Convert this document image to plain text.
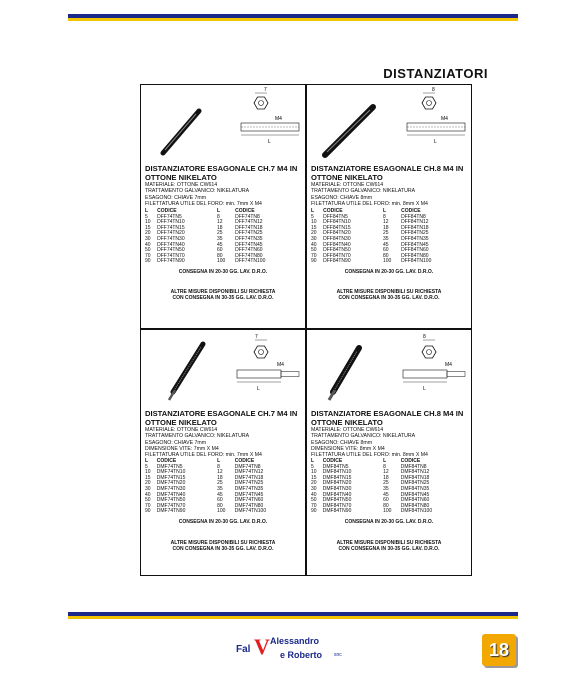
DISTANZIATORI
7
M4
L
DISTANZIATORE ESAGONALE CH.7 M4 IN OTTONE NIKELATO
MATERIALE: OTTONE CW614
TRATTAMENTO GALVANICO: NIKELATURA
ESAGONO: CHIAVE 7mm
FILETTATURA UTILE DEL FORO: min. 7mm X M4
L	CODICE	L	CODICE
5	DFF74TN5	8	DFF74TN8
10	DFF74TN10	12	DFF74TN12
15	DFF74TN15	18	DFF74TN18
20	DFF74TN20	25	DFF74TN25
30	DFF74TN30	35	DFF74TN35
40	DFF74TN40	45	DFF74TN45
50	DFF74TN50	60	DFF74TN60
70	DFF74TN70	80	DFF74TN80
90	DFF74TN90	100	DFF74TN100
CONSEGNA IN 20-30 GG. LAV. D.R.O.
ALTRE MISURE DISPONIBILI SU RICHIESTA
CON CONSEGNA IN 30-35 GG. LAV. D.R.O.
8
M4
L
DISTANZIATORE ESAGONALE CH.8 M4 IN OTTONE NIKELATO
MATERIALE: OTTONE CW614
TRATTAMENTO GALVANICO: NIKELATURA
ESAGONO: CHIAVE 8mm
FILETTATURA UTILE DEL FORO: min. 8mm X M4
L	CODICE	L	CODICE
5	DFF84TN5	8	DFF84TN8
10	DFF84TN10	12	DFF84TN12
15	DFF84TN15	18	DFF84TN18
20	DFF84TN20	25	DFF84TN25
30	DFF84TN30	35	DFF84TN35
40	DFF84TN40	45	DFF84TN45
50	DFF84TN50	60	DFF84TN60
70	DFF84TN70	80	DFF84TN80
90	DFF84TN90	100	DFF84TN100
CONSEGNA IN 20-30 GG. LAV. D.R.O.
ALTRE MISURE DISPONIBILI SU RICHIESTA
CON CONSEGNA IN 30-35 GG. LAV. D.R.O.
7
M4
L
DISTANZIATORE ESAGONALE CH.7 M4 IN OTTONE NIKELATO
MATERIALE: OTTONE CW614
TRATTAMENTO GALVANICO: NIKELATURA
ESAGONO: CHIAVE 7mm
DIMENSIONE VITE: 7mm X M4
FILETTATURA UTILE DEL FORO: min. 7mm X M4
L	CODICE	L	CODICE
5	DMF74TN5	8	DMF74TN8
10	DMF74TN10	12	DMF74TN12
15	DMF74TN15	18	DMF74TN18
20	DMF74TN20	25	DMF74TN25
30	DMF74TN30	35	DMF74TN35
40	DMF74TN40	45	DMF74TN45
50	DMF74TN50	60	DMF74TN60
70	DMF74TN70	80	DMF74TN80
90	DMF74TN90	100	DMF74TN100
CONSEGNA IN 20-30 GG. LAV. D.R.O.
ALTRE MISURE DISPONIBILI SU RICHIESTA
CON CONSEGNA IN 30-35 GG. LAV. D.R.O.
8
M4
L
DISTANZIATORE ESAGONALE CH.8 M4 IN OTTONE NIKELATO
MATERIALE: OTTONE CW614
TRATTAMENTO GALVANICO: NIKELATURA
ESAGONO: CHIAVE 8mm
DIMENSIONE VITE: 8mm X M4
FILETTATURA UTILE DEL FORO: min. 8mm X M4
L	CODICE	L	CODICE
5	DMF84TN5	8	DMF84TN8
10	DMF84TN10	12	DMF84TN12
15	DMF84TN15	18	DMF84TN18
20	DMF84TN20	25	DMF84TN25
30	DMF84TN30	35	DMF84TN35
40	DMF84TN40	45	DMF84TN45
50	DMF84TN50	60	DMF84TN60
70	DMF84TN70	80	DMF84TN80
90	DMF84TN90	100	DMF84TN100
CONSEGNA IN 20-30 GG. LAV. D.R.O.
ALTRE MISURE DISPONIBILI SU RICHIESTA
CON CONSEGNA IN 30-35 GG. LAV. D.R.O.
Fal V Alessandro
e Roberto snc	18
